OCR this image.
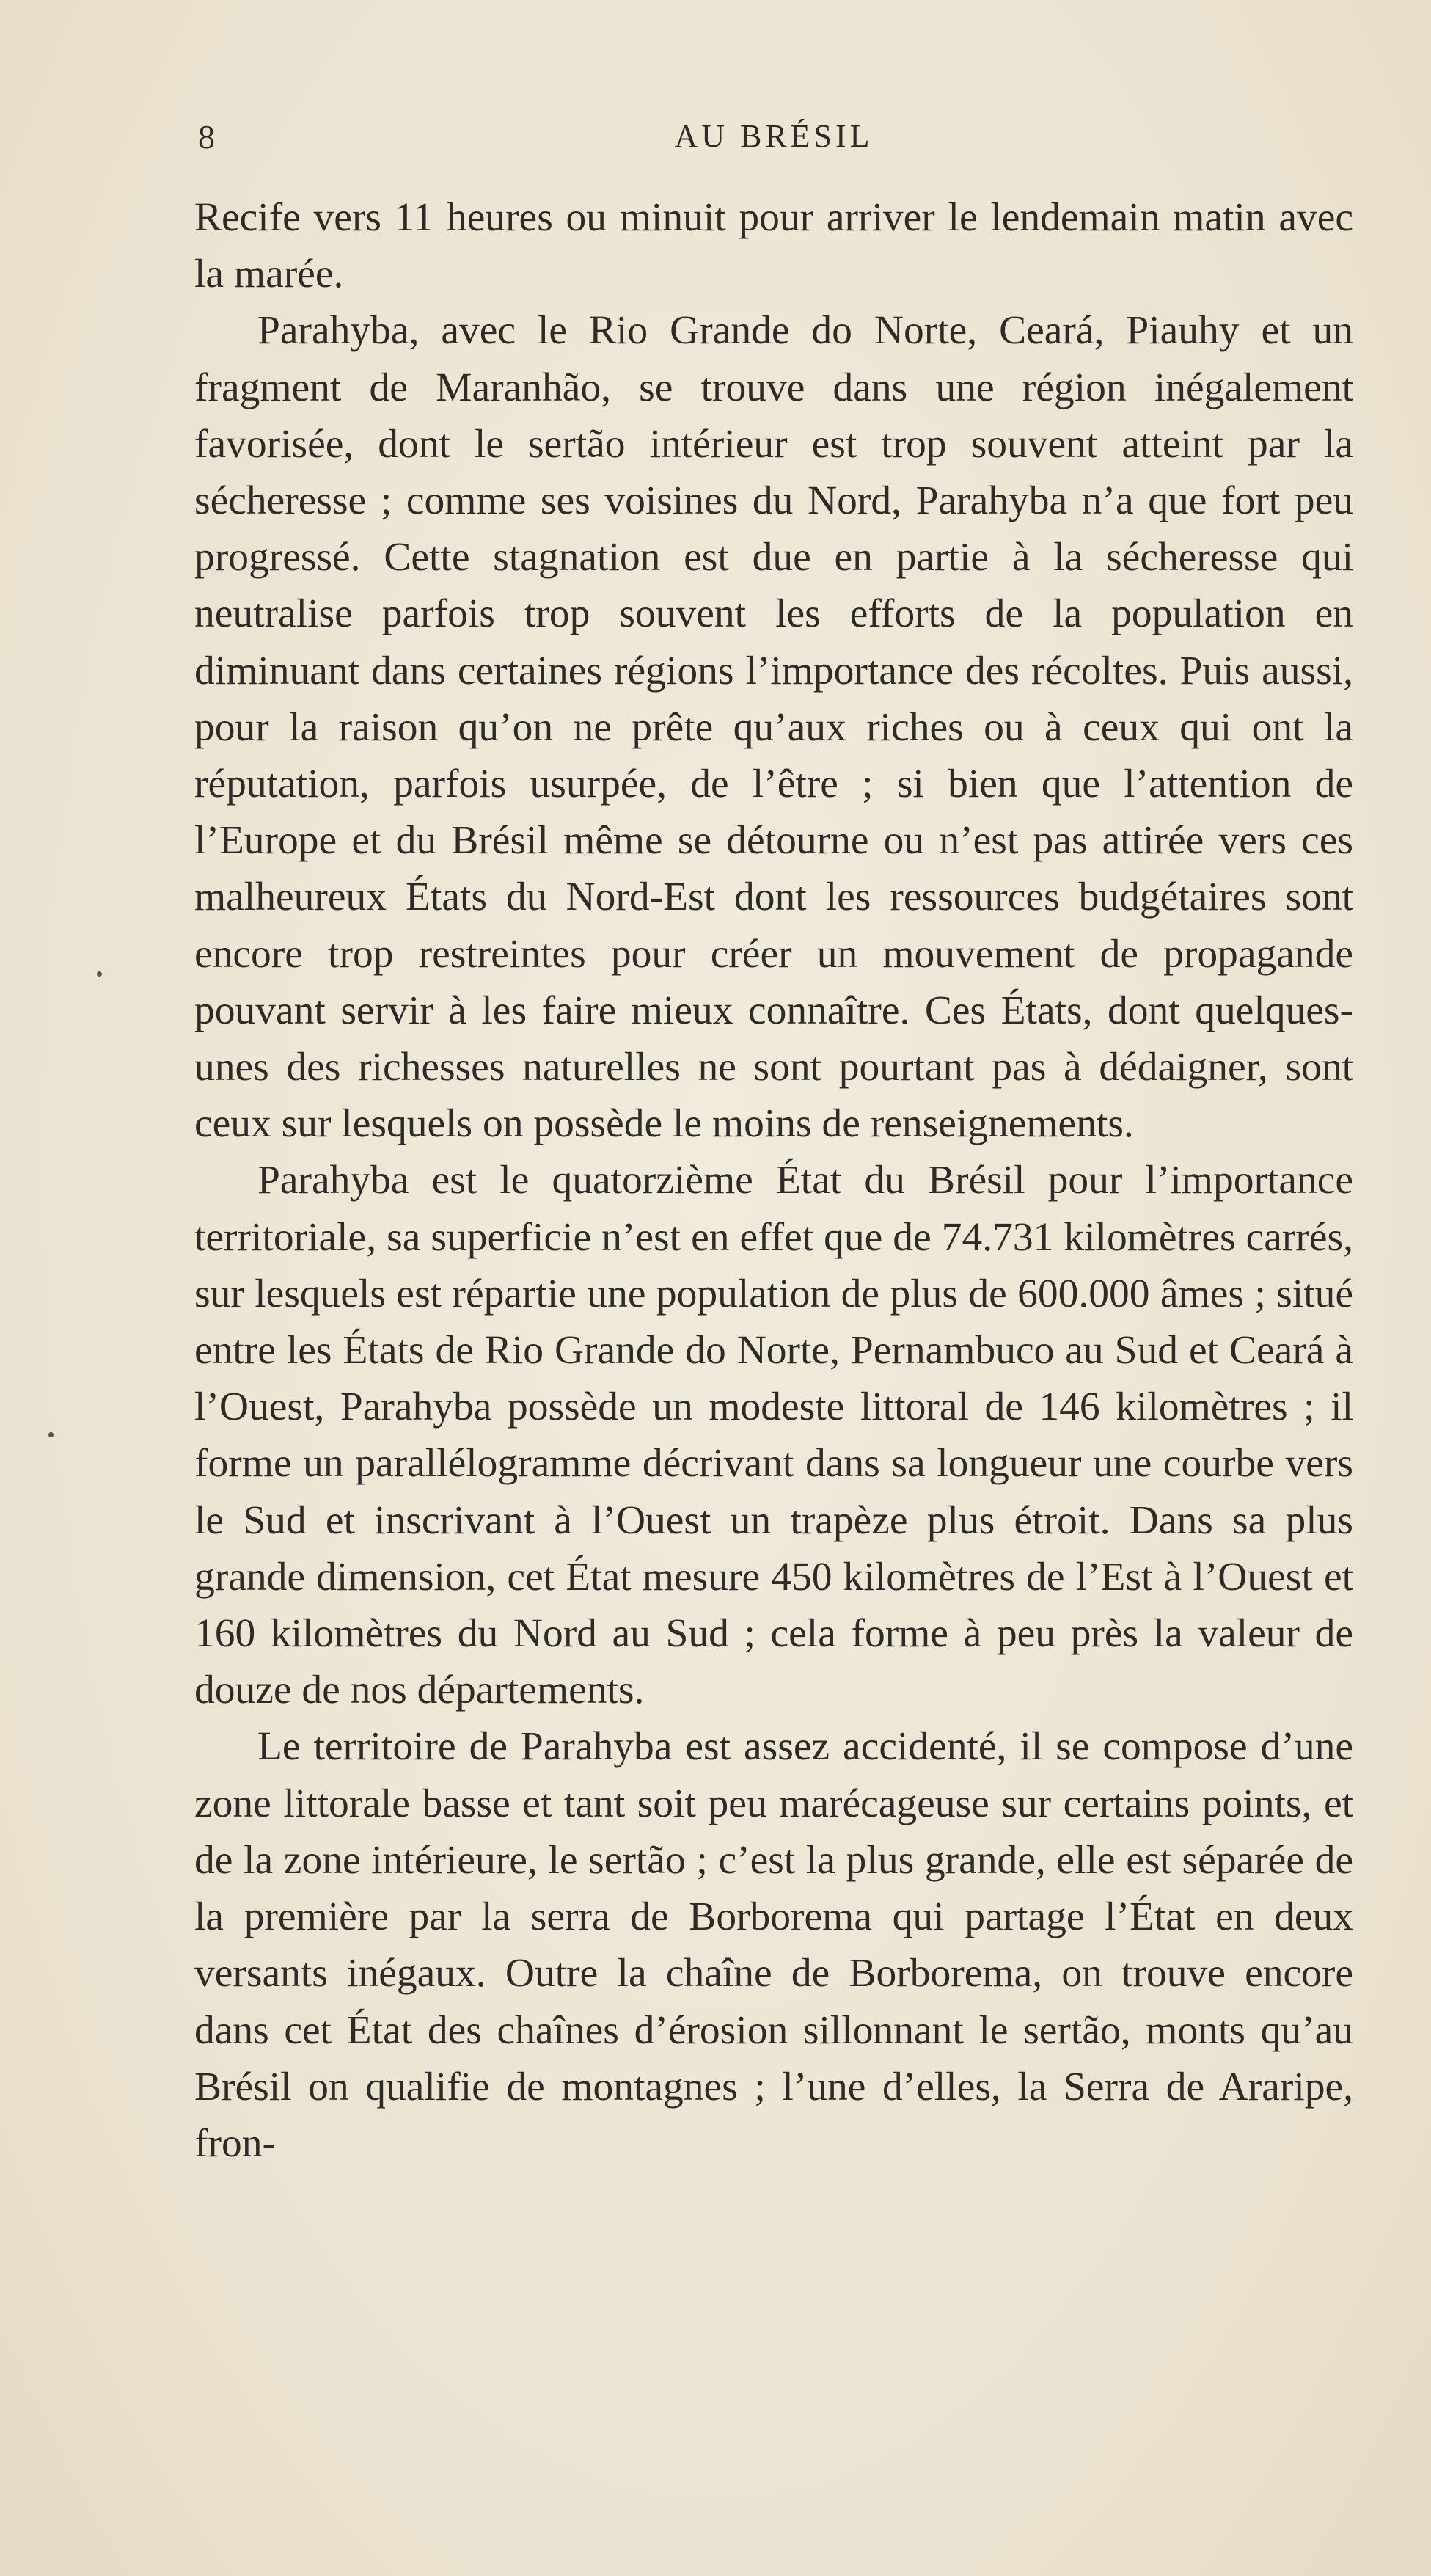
8	AU BRÉSIL

Recife vers 11 heures ou minuit pour arriver le lendemain matin avec la marée.

Parahyba, avec le Rio Grande do Norte, Ceará, Piauhy et un fragment de Maranhão, se trouve dans une région inégalement favorisée, dont le sertão intérieur est trop souvent atteint par la sécheresse ; comme ses voisines du Nord, Parahyba n’a que fort peu progressé. Cette stagnation est due en partie à la sécheresse qui neutralise parfois trop souvent les efforts de la population en diminuant dans certaines régions l’importance des récoltes. Puis aussi, pour la raison qu’on ne prête qu’aux riches ou à ceux qui ont la réputation, parfois usurpée, de l’être ; si bien que l’attention de l’Europe et du Brésil même se détourne ou n’est pas attirée vers ces malheureux États du Nord-Est dont les ressources budgétaires sont encore trop restreintes pour créer un mouvement de propagande pouvant servir à les faire mieux connaître. Ces États, dont quelques-unes des richesses naturelles ne sont pourtant pas à dédaigner, sont ceux sur lesquels on possède le moins de renseignements.

Parahyba est le quatorzième État du Brésil pour l’importance territoriale, sa superficie n’est en effet que de 74.731 kilomètres carrés, sur lesquels est répartie une population de plus de 600.000 âmes ; situé entre les États de Rio Grande do Norte, Pernambuco au Sud et Ceará à l’Ouest, Parahyba possède un modeste littoral de 146 kilomètres ; il forme un parallélogramme décrivant dans sa longueur une courbe vers le Sud et inscrivant à l’Ouest un trapèze plus étroit. Dans sa plus grande dimension, cet État mesure 450 kilomètres de l’Est à l’Ouest et 160 kilomètres du Nord au Sud ; cela forme à peu près la valeur de douze de nos départements.

Le territoire de Parahyba est assez accidenté, il se compose d’une zone littorale basse et tant soit peu marécageuse sur certains points, et de la zone intérieure, le sertão ; c’est la plus grande, elle est séparée de la première par la serra de Borborema qui partage l’État en deux versants inégaux. Outre la chaîne de Borborema, on trouve encore dans cet État des chaînes d’érosion sillonnant le sertão, monts qu’au Brésil on qualifie de montagnes ; l’une d’elles, la Serra de Araripe, fron-
